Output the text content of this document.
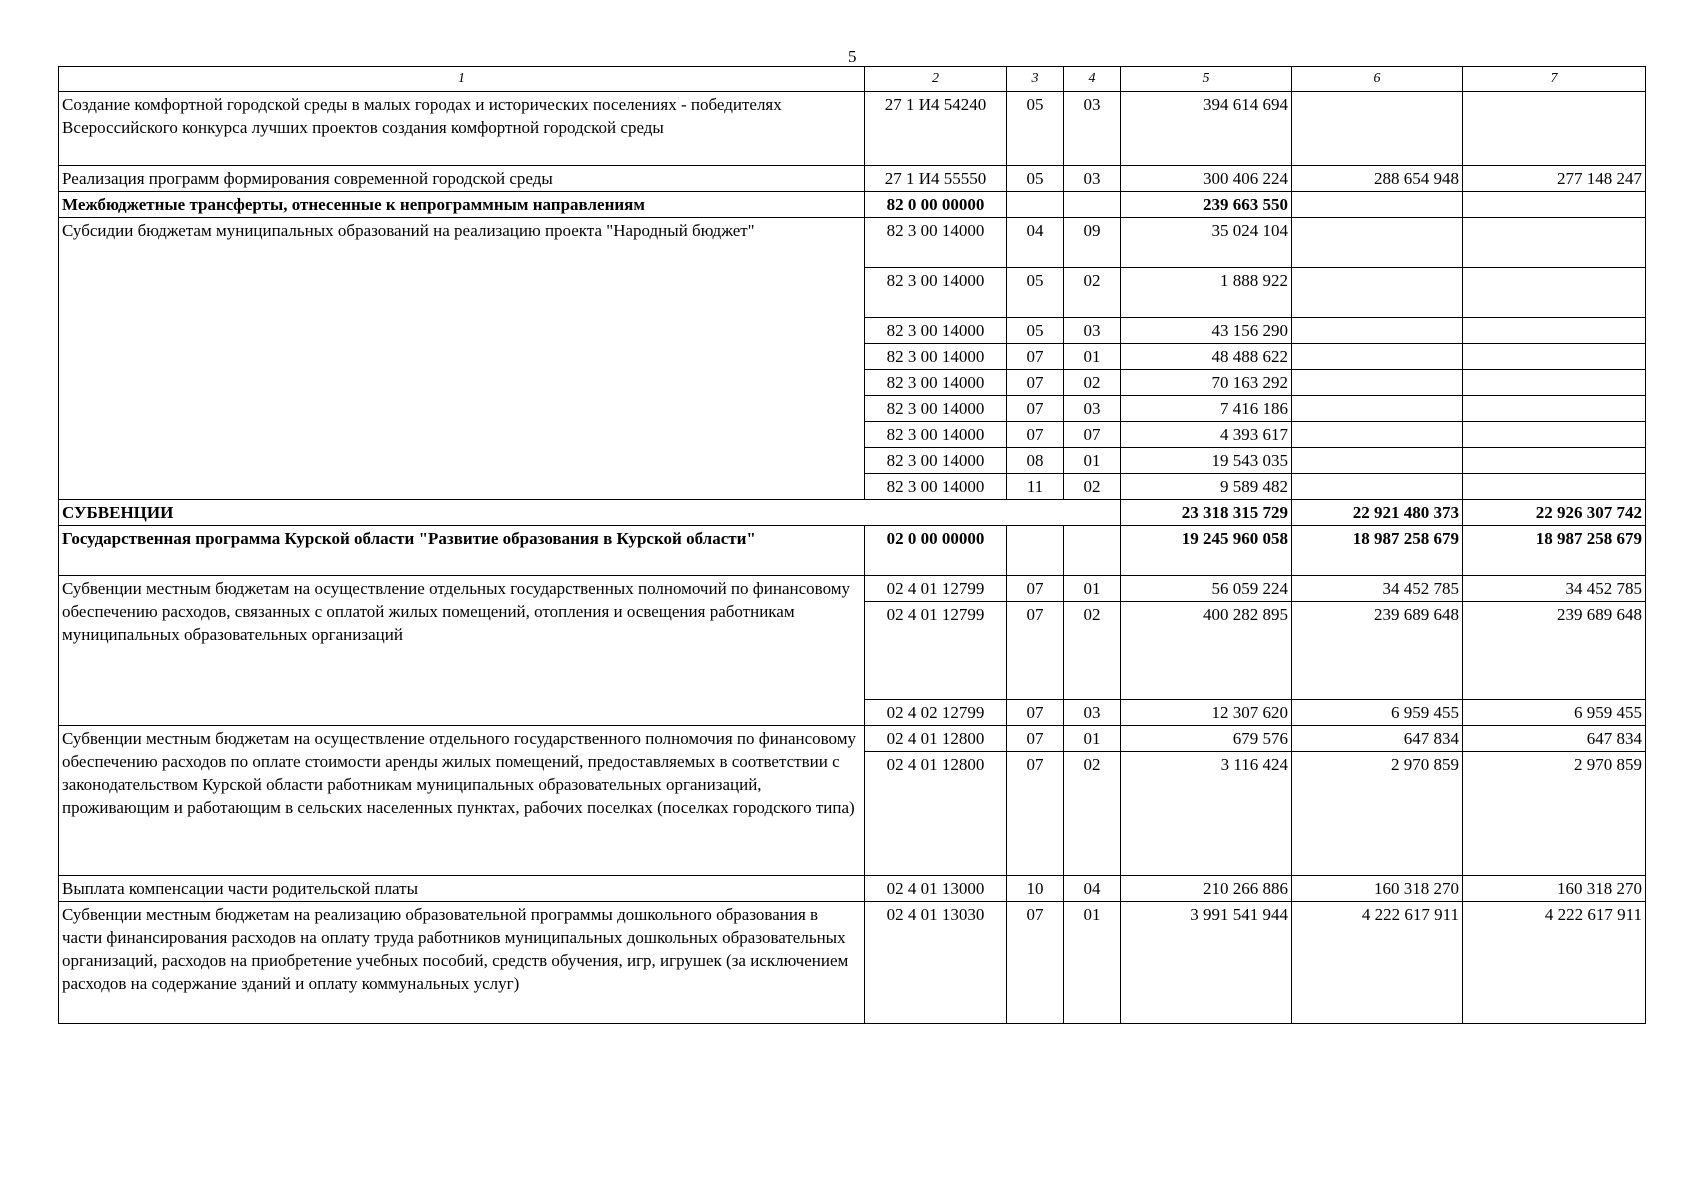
5
1	2	3	4	5	6	7
Создание комфортной городской среды в малых городах и исторических поселениях - победителях Всероссийского конкурса лучших проектов создания комфортной городской среды	27 1 И4 54240	05	03	394 614 694		
Реализация программ формирования современной городской среды	27 1 И4 55550	05	03	300 406 224	288 654 948	277 148 247
Межбюджетные трансферты, отнесенные к непрограммным направлениям	82 0 00 00000			239 663 550		
Субсидии бюджетам муниципальных образований на реализацию проекта "Народный бюджет"	82 3 00 14000	04	09	35 024 104		
	82 3 00 14000	05	02	1 888 922		
	82 3 00 14000	05	03	43 156 290		
	82 3 00 14000	07	01	48 488 622		
	82 3 00 14000	07	02	70 163 292		
	82 3 00 14000	07	03	7 416 186		
	82 3 00 14000	07	07	4 393 617		
	82 3 00 14000	08	01	19 543 035		
	82 3 00 14000	11	02	9 589 482		
СУБВЕНЦИИ				23 318 315 729	22 921 480 373	22 926 307 742
Государственная программа Курской области "Развитие образования в Курской области"	02 0 00 00000			19 245 960 058	18 987 258 679	18 987 258 679
Субвенции местным бюджетам на осуществление отдельных государственных полномочий по финансовому обеспечению расходов, связанных с оплатой жилых помещений, отопления и освещения работникам муниципальных образовательных организаций	02 4 01 12799	07	01	56 059 224	34 452 785	34 452 785
	02 4 01 12799	07	02	400 282 895	239 689 648	239 689 648
	02 4 02 12799	07	03	12 307 620	6 959 455	6 959 455
Субвенции местным бюджетам на осуществление отдельного государственного полномочия по финансовому обеспечению расходов по оплате стоимости аренды жилых помещений, предоставляемых в соответствии с законодательством Курской области работникам муниципальных образовательных организаций, проживающим и работающим в сельских населенных пунктах, рабочих поселках (поселках городского типа)	02 4 01 12800	07	01	679 576	647 834	647 834
	02 4 01 12800	07	02	3 116 424	2 970 859	2 970 859
Выплата компенсации части родительской платы	02 4 01 13000	10	04	210 266 886	160 318 270	160 318 270
Субвенции местным бюджетам на реализацию образовательной программы дошкольного образования в части финансирования расходов на оплату труда работников муниципальных дошкольных образовательных организаций, расходов на приобретение учебных пособий, средств обучения, игр, игрушек (за исключением расходов на содержание зданий и оплату коммунальных услуг)	02 4 01 13030	07	01	3 991 541 944	4 222 617 911	4 222 617 911
